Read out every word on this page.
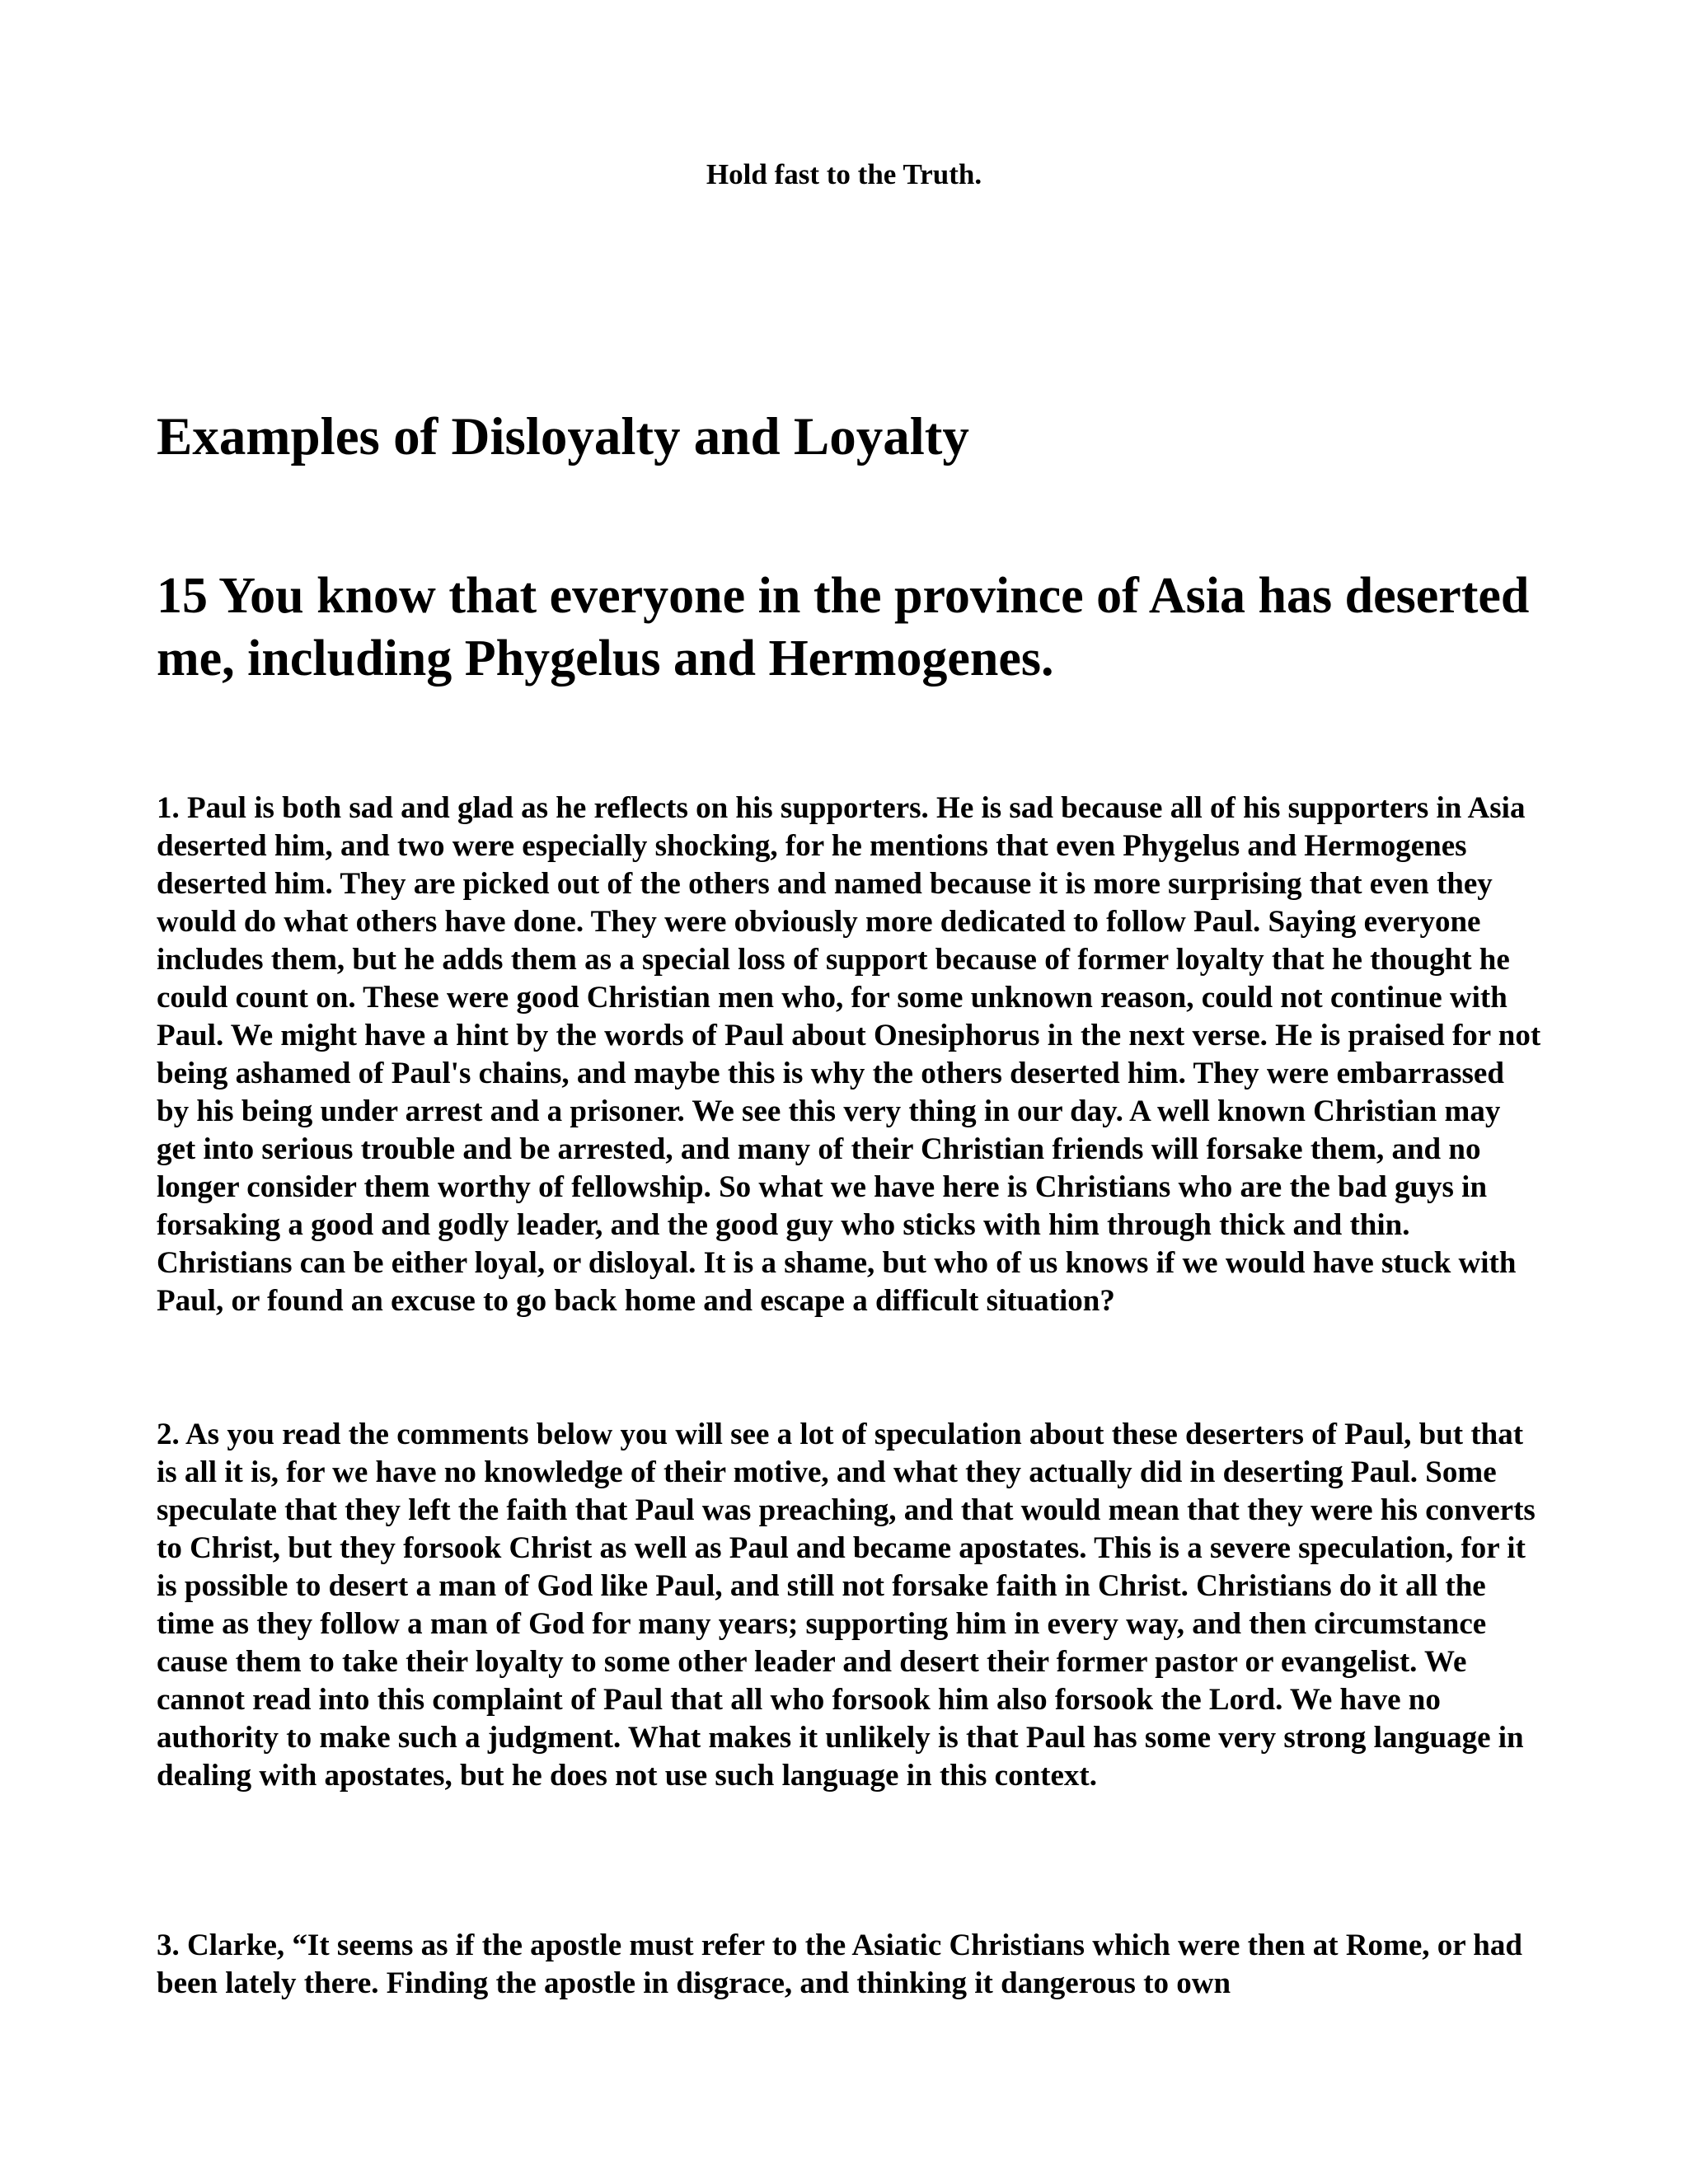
Hold fast to the Truth.

Examples of Disloyalty and Loyalty
15 You know that everyone in the province of Asia has deserted me, including Phygelus and Hermogenes.

1. Paul is both sad and glad as he reflects on his supporters. He is sad because all of his supporters in Asia deserted him, and two were especially shocking, for he mentions that even Phygelus and Hermogenes deserted him. They are picked out of the others and named because it is more surprising that even they would do what others have done. They were obviously more dedicated to follow Paul. Saying everyone includes them, but he adds them as a special loss of support because of former loyalty that he thought he could count on. These were good Christian men who, for some unknown reason, could not continue with Paul. We might have a hint by the words of Paul about Onesiphorus in the next verse. He is praised for not being ashamed of Paul's chains, and maybe this is why the others deserted him. They were embarrassed by his being under arrest and a prisoner. We see this very thing in our day. A well known Christian may get into serious trouble and be arrested, and many of their Christian friends will forsake them, and no longer consider them worthy of fellowship. So what we have here is Christians who are the bad guys in forsaking a good and godly leader, and the good guy who sticks with him through thick and thin. Christians can be either loyal, or disloyal. It is a shame, but who of us knows if we would have stuck with Paul, or found an excuse to go back home and escape a difficult situation?

2. As you read the comments below you will see a lot of speculation about these deserters of Paul, but that is all it is, for we have no knowledge of their motive, and what they actually did in deserting Paul. Some speculate that they left the faith that Paul was preaching, and that would mean that they were his converts to Christ, but they forsook Christ as well as Paul and became apostates. This is a severe speculation, for it is possible to desert a man of God like Paul, and still not forsake faith in Christ. Christians do it all the time as they follow a man of God for many years; supporting him in every way, and then circumstance cause them to take their loyalty to some other leader and desert their former pastor or evangelist. We cannot read into this complaint of Paul that all who forsook him also forsook the Lord. We have no authority to make such a judgment. What makes it unlikely is that Paul has some very strong language in dealing with apostates, but he does not use such language in this context.

3. Clarke, “It seems as if the apostle must refer to the Asiatic Christians which were then at Rome, or had been lately there. Finding the apostle in disgrace, and thinking it dangerous to own
